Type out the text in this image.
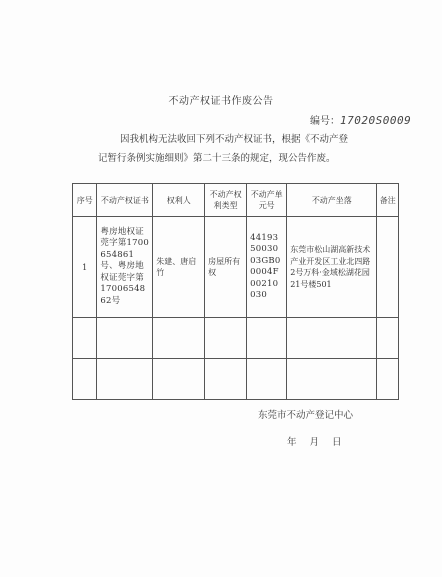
不动产权证书作废公告
编号：17020S0009
因我机构无法收回下列不动产权证书，根据《不动产登
记暂行条例实施细则》第二十三条的规定，现公告作废。
序号	不动产权证书	权利人	不动产权利类型	不动产单元号	不动产坐落	备注
1	粤房地权证莞字第1700654861号、粤房地权证莞字第1700654862号	朱建、唐启竹	房屋所有权	441935003003GB00004F00210030	东莞市松山湖高新技术产业开发区工业北四路2号万科·金域松湖花园21号楼501	

东莞市不动产登记中心
年 月 日
